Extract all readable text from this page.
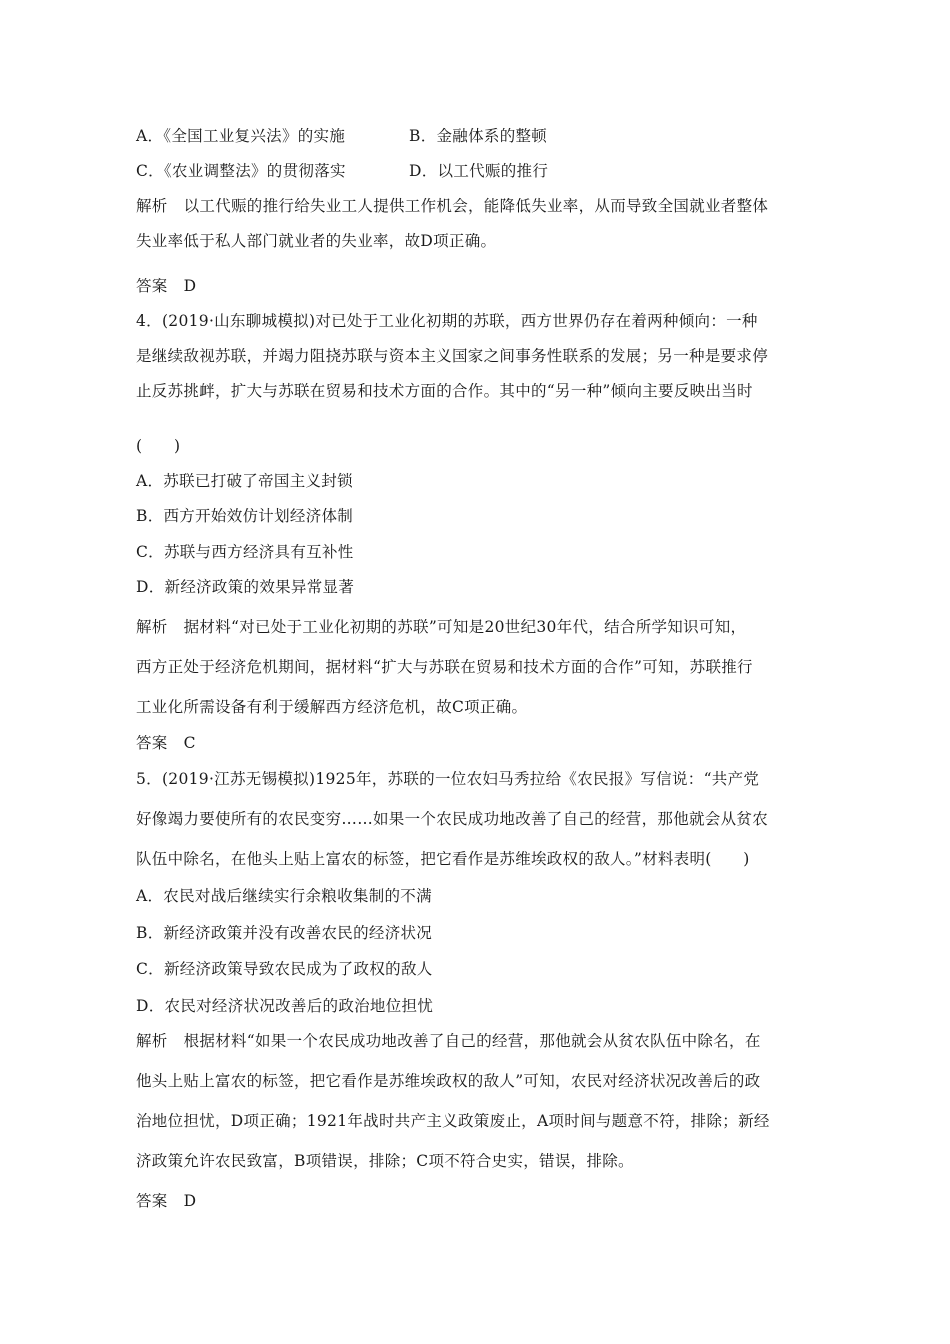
A．《全国工业复兴法》的实施	B．金融体系的整顿
C．《农业调整法》的贯彻落实	D．以工代赈的推行
解析 以工代赈的推行给失业工人提供工作机会，能降低失业率，从而导致全国就业者整体
失业率低于私人部门就业者的失业率，故D项正确。
答案 D
4．(2019·山东聊城模拟)对已处于工业化初期的苏联，西方世界仍存在着两种倾向：一种
是继续敌视苏联，并竭力阻挠苏联与资本主义国家之间事务性联系的发展；另一种是要求停
止反苏挑衅，扩大与苏联在贸易和技术方面的合作。其中的“另一种”倾向主要反映出当时
(　　)
A．苏联已打破了帝国主义封锁
B．西方开始效仿计划经济体制
C．苏联与西方经济具有互补性
D．新经济政策的效果异常显著
解析 据材料“对已处于工业化初期的苏联”可知是20世纪30年代，结合所学知识可知，
西方正处于经济危机期间，据材料“扩大与苏联在贸易和技术方面的合作”可知，苏联推行
工业化所需设备有利于缓解西方经济危机，故C项正确。
答案 C
5．(2019·江苏无锡模拟)1925年，苏联的一位农妇马秀拉给《农民报》写信说：“共产党
好像竭力要使所有的农民变穷……如果一个农民成功地改善了自己的经营，那他就会从贫农
队伍中除名，在他头上贴上富农的标签，把它看作是苏维埃政权的敌人。”材料表明(　　)
A．农民对战后继续实行余粮收集制的不满
B．新经济政策并没有改善农民的经济状况
C．新经济政策导致农民成为了政权的敌人
D．农民对经济状况改善后的政治地位担忧
解析 根据材料“如果一个农民成功地改善了自己的经营，那他就会从贫农队伍中除名，在
他头上贴上富农的标签，把它看作是苏维埃政权的敌人”可知，农民对经济状况改善后的政
治地位担忧，D项正确；1921年战时共产主义政策废止，A项时间与题意不符，排除；新经
济政策允许农民致富，B项错误，排除；C项不符合史实，错误，排除。
答案 D
